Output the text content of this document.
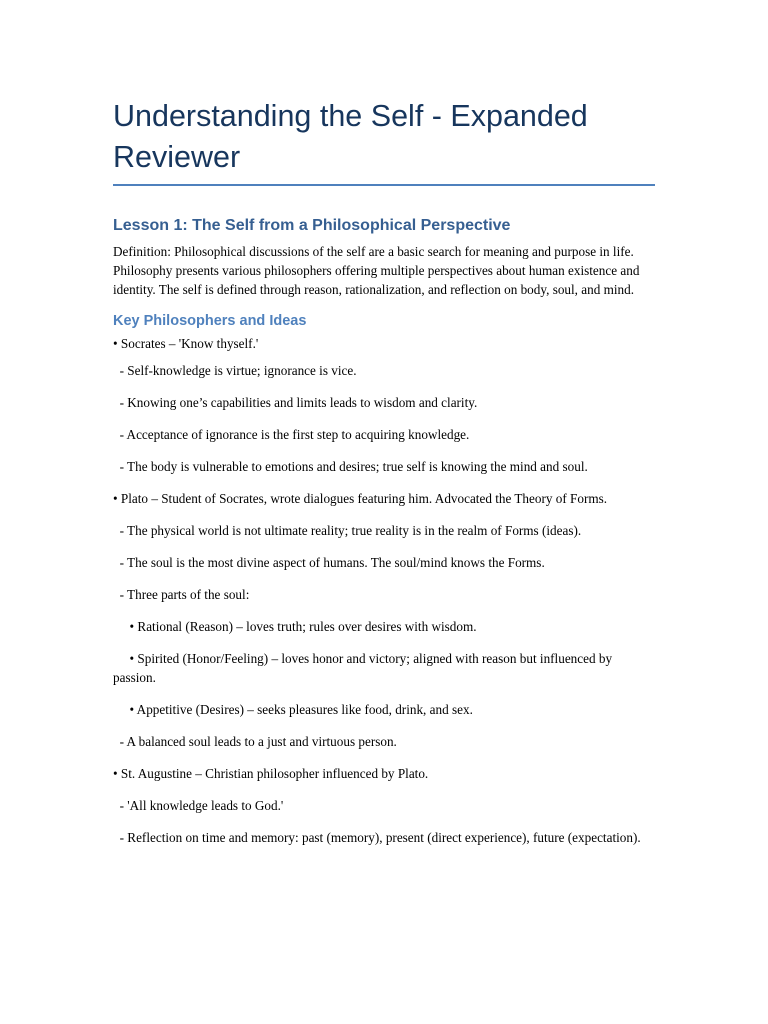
Understanding the Self - Expanded Reviewer
Lesson 1: The Self from a Philosophical Perspective
Definition: Philosophical discussions of the self are a basic search for meaning and purpose in life. Philosophy presents various philosophers offering multiple perspectives about human existence and identity. The self is defined through reason, rationalization, and reflection on body, soul, and mind.
Key Philosophers and Ideas
• Socrates – 'Know thyself.'
- Self-knowledge is virtue; ignorance is vice.
- Knowing one’s capabilities and limits leads to wisdom and clarity.
- Acceptance of ignorance is the first step to acquiring knowledge.
- The body is vulnerable to emotions and desires; true self is knowing the mind and soul.
• Plato – Student of Socrates, wrote dialogues featuring him. Advocated the Theory of Forms.
- The physical world is not ultimate reality; true reality is in the realm of Forms (ideas).
- The soul is the most divine aspect of humans. The soul/mind knows the Forms.
- Three parts of the soul:
• Rational (Reason) – loves truth; rules over desires with wisdom.
• Spirited (Honor/Feeling) – loves honor and victory; aligned with reason but influenced by passion.
• Appetitive (Desires) – seeks pleasures like food, drink, and sex.
- A balanced soul leads to a just and virtuous person.
• St. Augustine – Christian philosopher influenced by Plato.
- 'All knowledge leads to God.'
- Reflection on time and memory: past (memory), present (direct experience), future (expectation).
